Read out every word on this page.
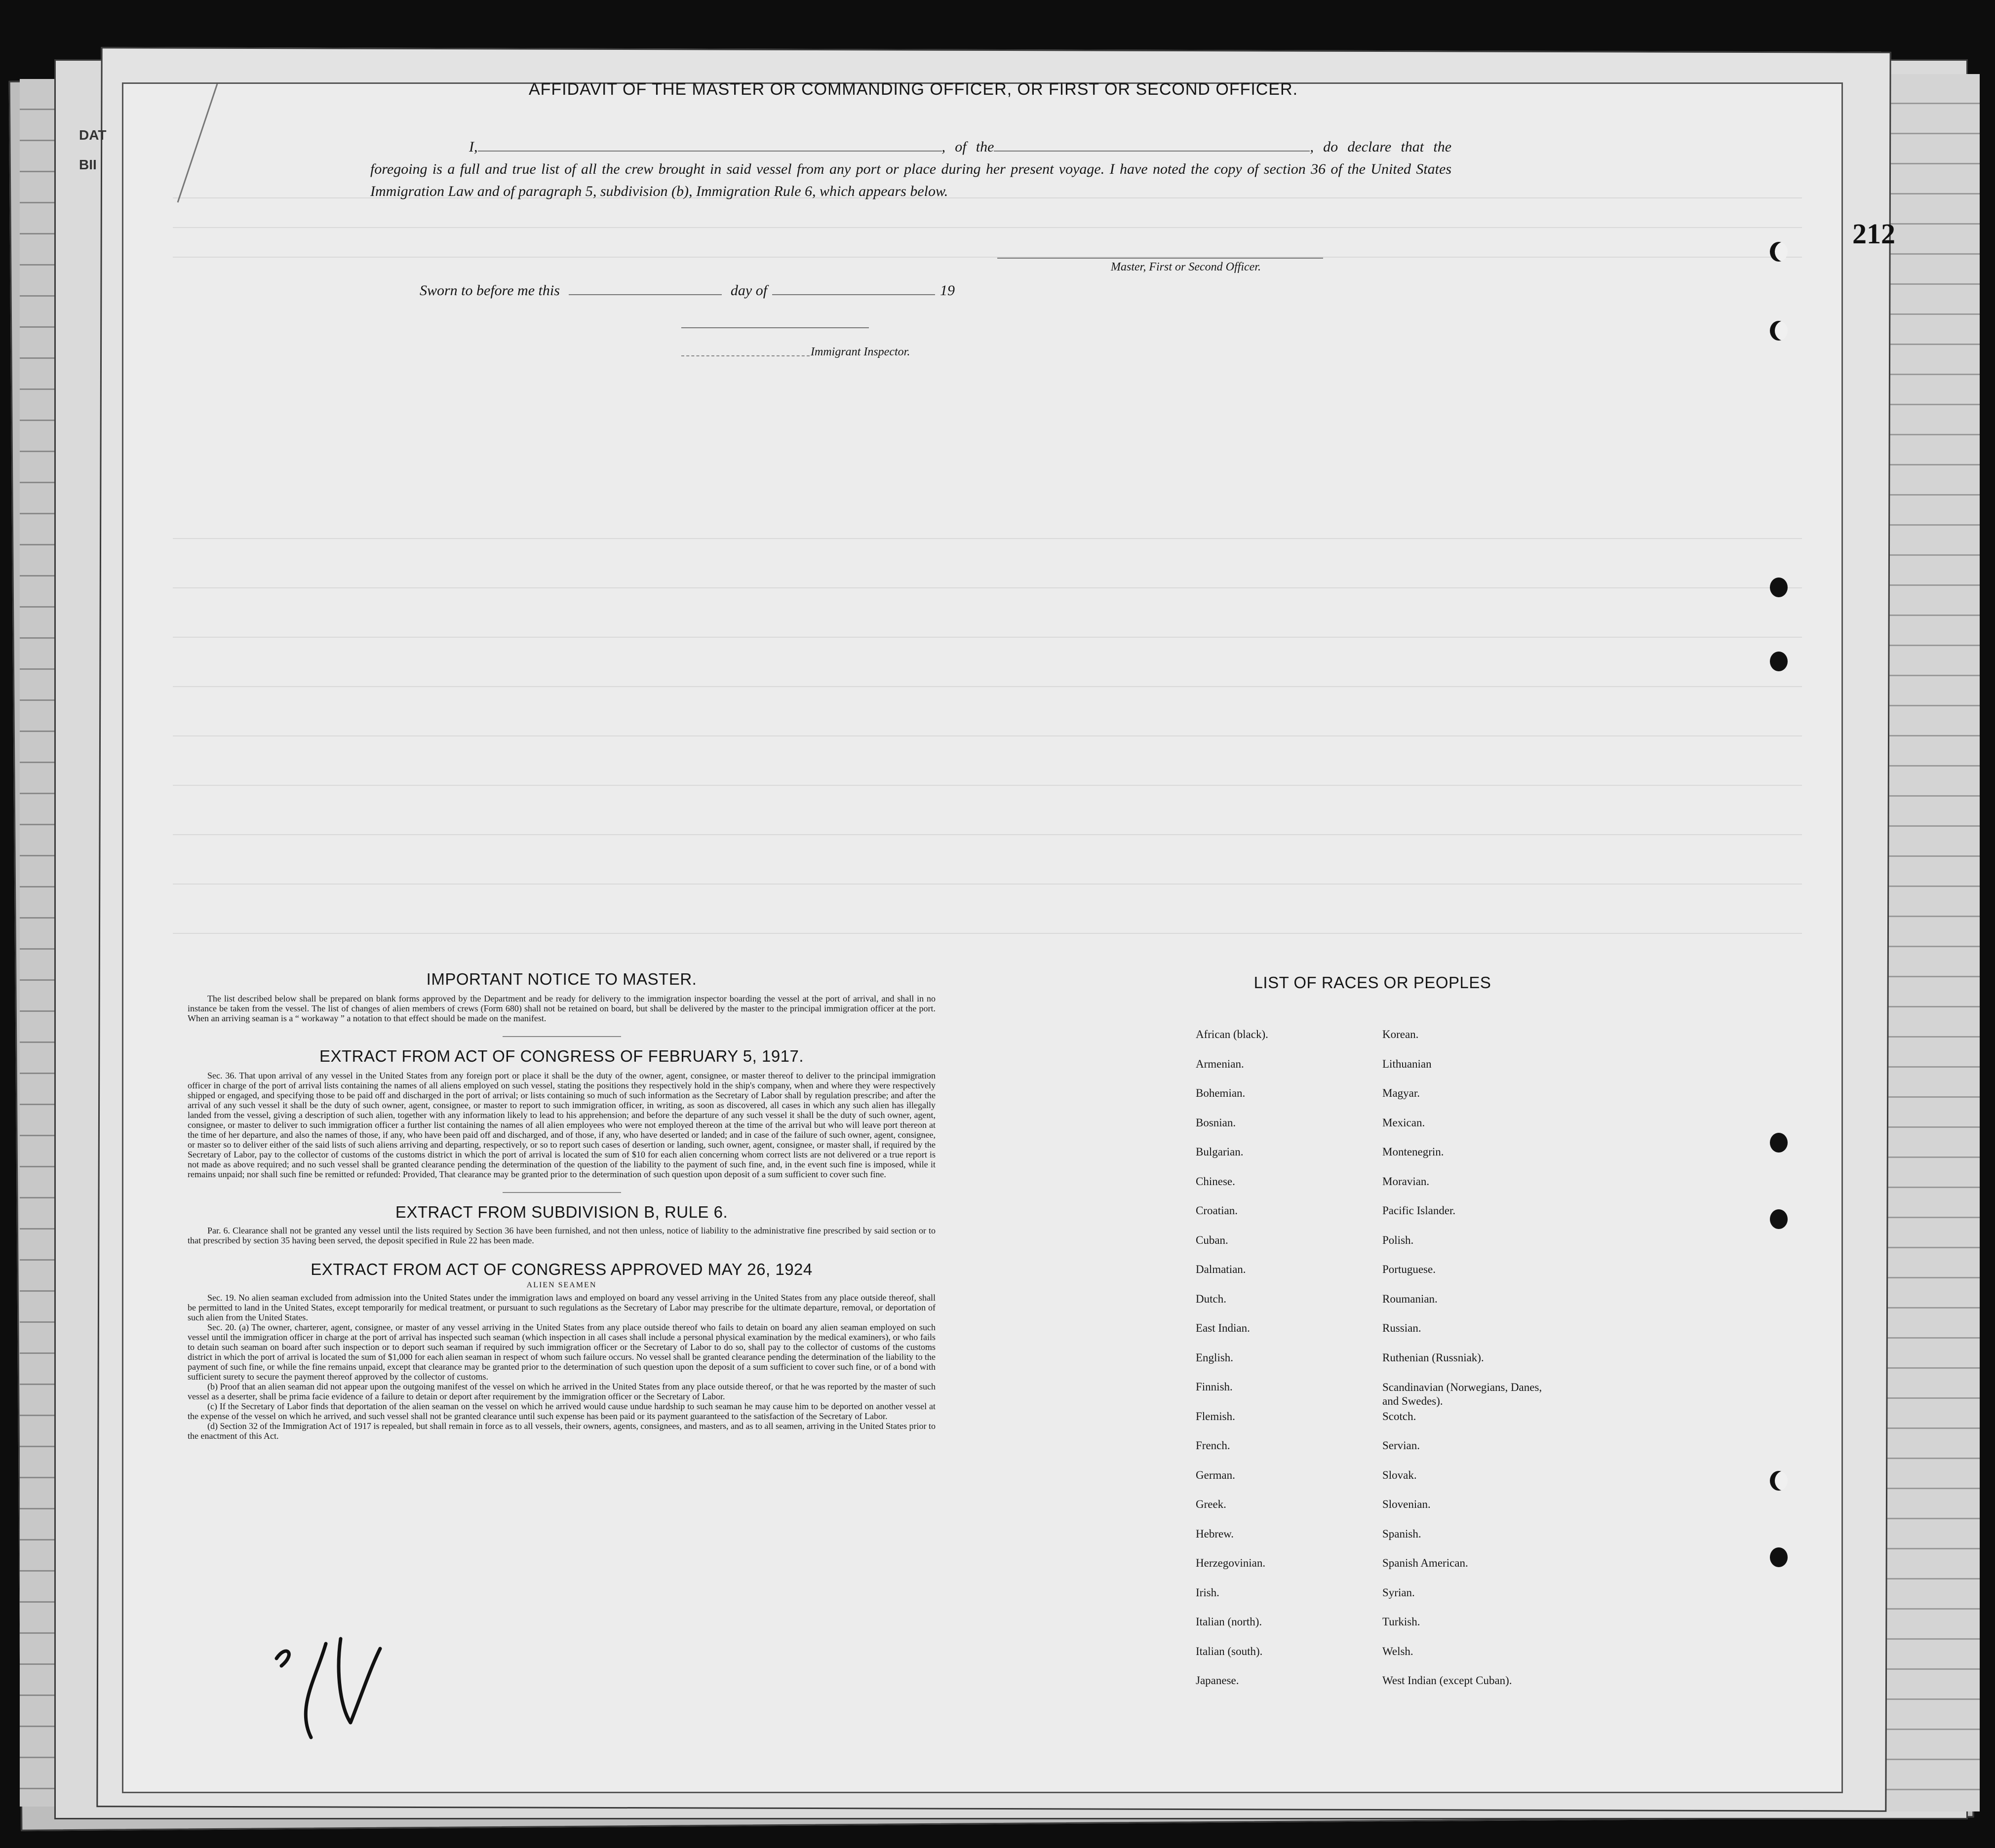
DAT
BII
212
AFFIDAVIT OF THE MASTER OR COMMANDING OFFICER, OR FIRST OR SECOND OFFICER.
I,	, of the	, do declare that the foregoing is a full and true list of all the crew brought in said vessel from any port or place during her present voyage. I have noted the copy of section 36 of the United States Immigration Law and of paragraph 5, subdivision (b), Immigration Rule 6, which appears below.
Master, First or Second Officer.
Sworn to before me this	day of	19
Immigrant Inspector.

IMPORTANT NOTICE TO MASTER.

The list described below shall be prepared on blank forms approved by the Department and be ready for delivery to the immigration inspector boarding the vessel at the port of arrival, and shall in no instance be taken from the vessel. The list of changes of alien members of crews (Form 680) shall not be retained on board, but shall be delivered by the master to the principal immigration officer at the port. When an arriving seaman is a “ workaway ” a notation to that effect should be made on the manifest.

EXTRACT FROM ACT OF CONGRESS OF FEBRUARY 5, 1917.

Sec. 36. That upon arrival of any vessel in the United States from any foreign port or place it shall be the duty of the owner, agent, consignee, or master thereof to deliver to the principal immigration officer in charge of the port of arrival lists containing the names of all aliens employed on such vessel, stating the positions they respectively hold in the ship's company, when and where they were respectively shipped or engaged, and specifying those to be paid off and discharged in the port of arrival; or lists containing so much of such information as the Secretary of Labor shall by regulation prescribe; and after the arrival of any such vessel it shall be the duty of such owner, agent, consignee, or master to report to such immigration officer, in writing, as soon as discovered, all cases in which any such alien has illegally landed from the vessel, giving a description of such alien, together with any information likely to lead to his apprehension; and before the departure of any such vessel it shall be the duty of such owner, agent, consignee, or master to deliver to such immigration officer a further list containing the names of all alien employees who were not employed thereon at the time of the arrival but who will leave port thereon at the time of her departure, and also the names of those, if any, who have been paid off and discharged, and of those, if any, who have deserted or landed; and in case of the failure of such owner, agent, consignee, or master so to deliver either of the said lists of such aliens arriving and departing, respectively, or so to report such cases of desertion or landing, such owner, agent, consignee, or master shall, if required by the Secretary of Labor, pay to the collector of customs of the customs district in which the port of arrival is located the sum of $10 for each alien concerning whom correct lists are not delivered or a true report is not made as above required; and no such vessel shall be granted clearance pending the determination of the question of the liability to the payment of such fine, and, in the event such fine is imposed, while it remains unpaid; nor shall such fine be remitted or refunded: Provided, That clearance may be granted prior to the determination of such question upon deposit of a sum sufficient to cover such fine.

EXTRACT FROM SUBDIVISION B, RULE 6.

Par. 6. Clearance shall not be granted any vessel until the lists required by Section 36 have been furnished, and not then unless, notice of liability to the administrative fine prescribed by said section or to that prescribed by section 35 having been served, the deposit specified in Rule 22 has been made.

EXTRACT FROM ACT OF CONGRESS APPROVED MAY 26, 1924

ALIEN SEAMEN

Sec. 19. No alien seaman excluded from admission into the United States under the immigration laws and employed on board any vessel arriving in the United States from any place outside thereof, shall be permitted to land in the United States, except temporarily for medical treatment, or pursuant to such regulations as the Secretary of Labor may prescribe for the ultimate departure, removal, or deportation of such alien from the United States.

Sec. 20. (a) The owner, charterer, agent, consignee, or master of any vessel arriving in the United States from any place outside thereof who fails to detain on board any alien seaman employed on such vessel until the immigration officer in charge at the port of arrival has inspected such seaman (which inspection in all cases shall include a personal physical examination by the medical examiners), or who fails to detain such seaman on board after such inspection or to deport such seaman if required by such immigration officer or the Secretary of Labor to do so, shall pay to the collector of customs of the customs district in which the port of arrival is located the sum of $1,000 for each alien seaman in respect of whom such failure occurs. No vessel shall be granted clearance pending the determination of the liability to the payment of such fine, or while the fine remains unpaid, except that clearance may be granted prior to the determination of such question upon the deposit of a sum sufficient to cover such fine, or of a bond with sufficient surety to secure the payment thereof approved by the collector of customs.

(b) Proof that an alien seaman did not appear upon the outgoing manifest of the vessel on which he arrived in the United States from any place outside thereof, or that he was reported by the master of such vessel as a deserter, shall be prima facie evidence of a failure to detain or deport after requirement by the immigration officer or the Secretary of Labor.

(c) If the Secretary of Labor finds that deportation of the alien seaman on the vessel on which he arrived would cause undue hardship to such seaman he may cause him to be deported on another vessel at the expense of the vessel on which he arrived, and such vessel shall not be granted clearance until such expense has been paid or its payment guaranteed to the satisfaction of the Secretary of Labor.

(d) Section 32 of the Immigration Act of 1917 is repealed, but shall remain in force as to all vessels, their owners, agents, consignees, and masters, and as to all seamen, arriving in the United States prior to the enactment of this Act.

LIST OF RACES OR PEOPLES
African (black).
Armenian.
Bohemian.
Bosnian.
Bulgarian.
Chinese.
Croatian.
Cuban.
Dalmatian.
Dutch.
East Indian.
English.
Finnish.
Flemish.
French.
German.
Greek.
Hebrew.
Herzegovinian.
Irish.
Italian (north).
Italian (south).
Japanese.
Korean.
Lithuanian
Magyar.
Mexican.
Montenegrin.
Moravian.
Pacific Islander.
Polish.
Portuguese.
Roumanian.
Russian.
Ruthenian (Russniak).
Scandinavian (Norwegians, Danes, and Swedes).
Scotch.
Servian.
Slovak.
Slovenian.
Spanish.
Spanish American.
Syrian.
Turkish.
Welsh.
West Indian (except Cuban).
